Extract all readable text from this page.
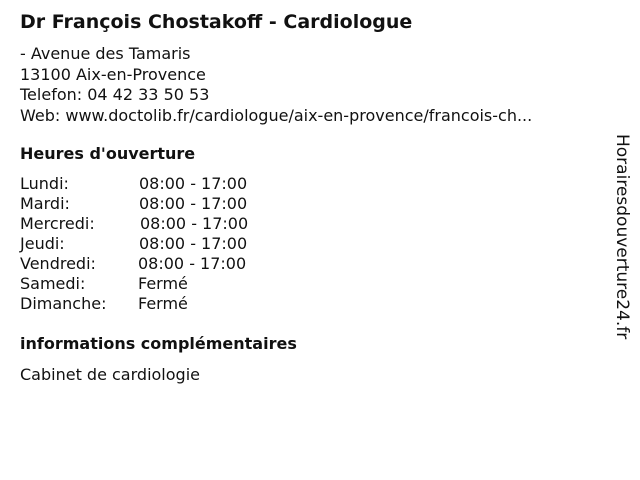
Dr François Chostakoff - Cardiologue
- Avenue des Tamaris
13100 Aix-en-Provence
Telefon: 04 42 33 50 53
Web: www.doctolib.fr/cardiologue/aix-en-provence/francois-ch...
Heures d'ouverture
Lundi:	08:00 - 17:00
Mardi:	08:00 - 17:00
Mercredi:	08:00 - 17:00
Jeudi:	08:00 - 17:00
Vendredi:	08:00 - 17:00
Samedi:	Fermé
Dimanche: Fermé
informations complémentaires
Cabinet de cardiologie
Horairesdouverture24.fr
